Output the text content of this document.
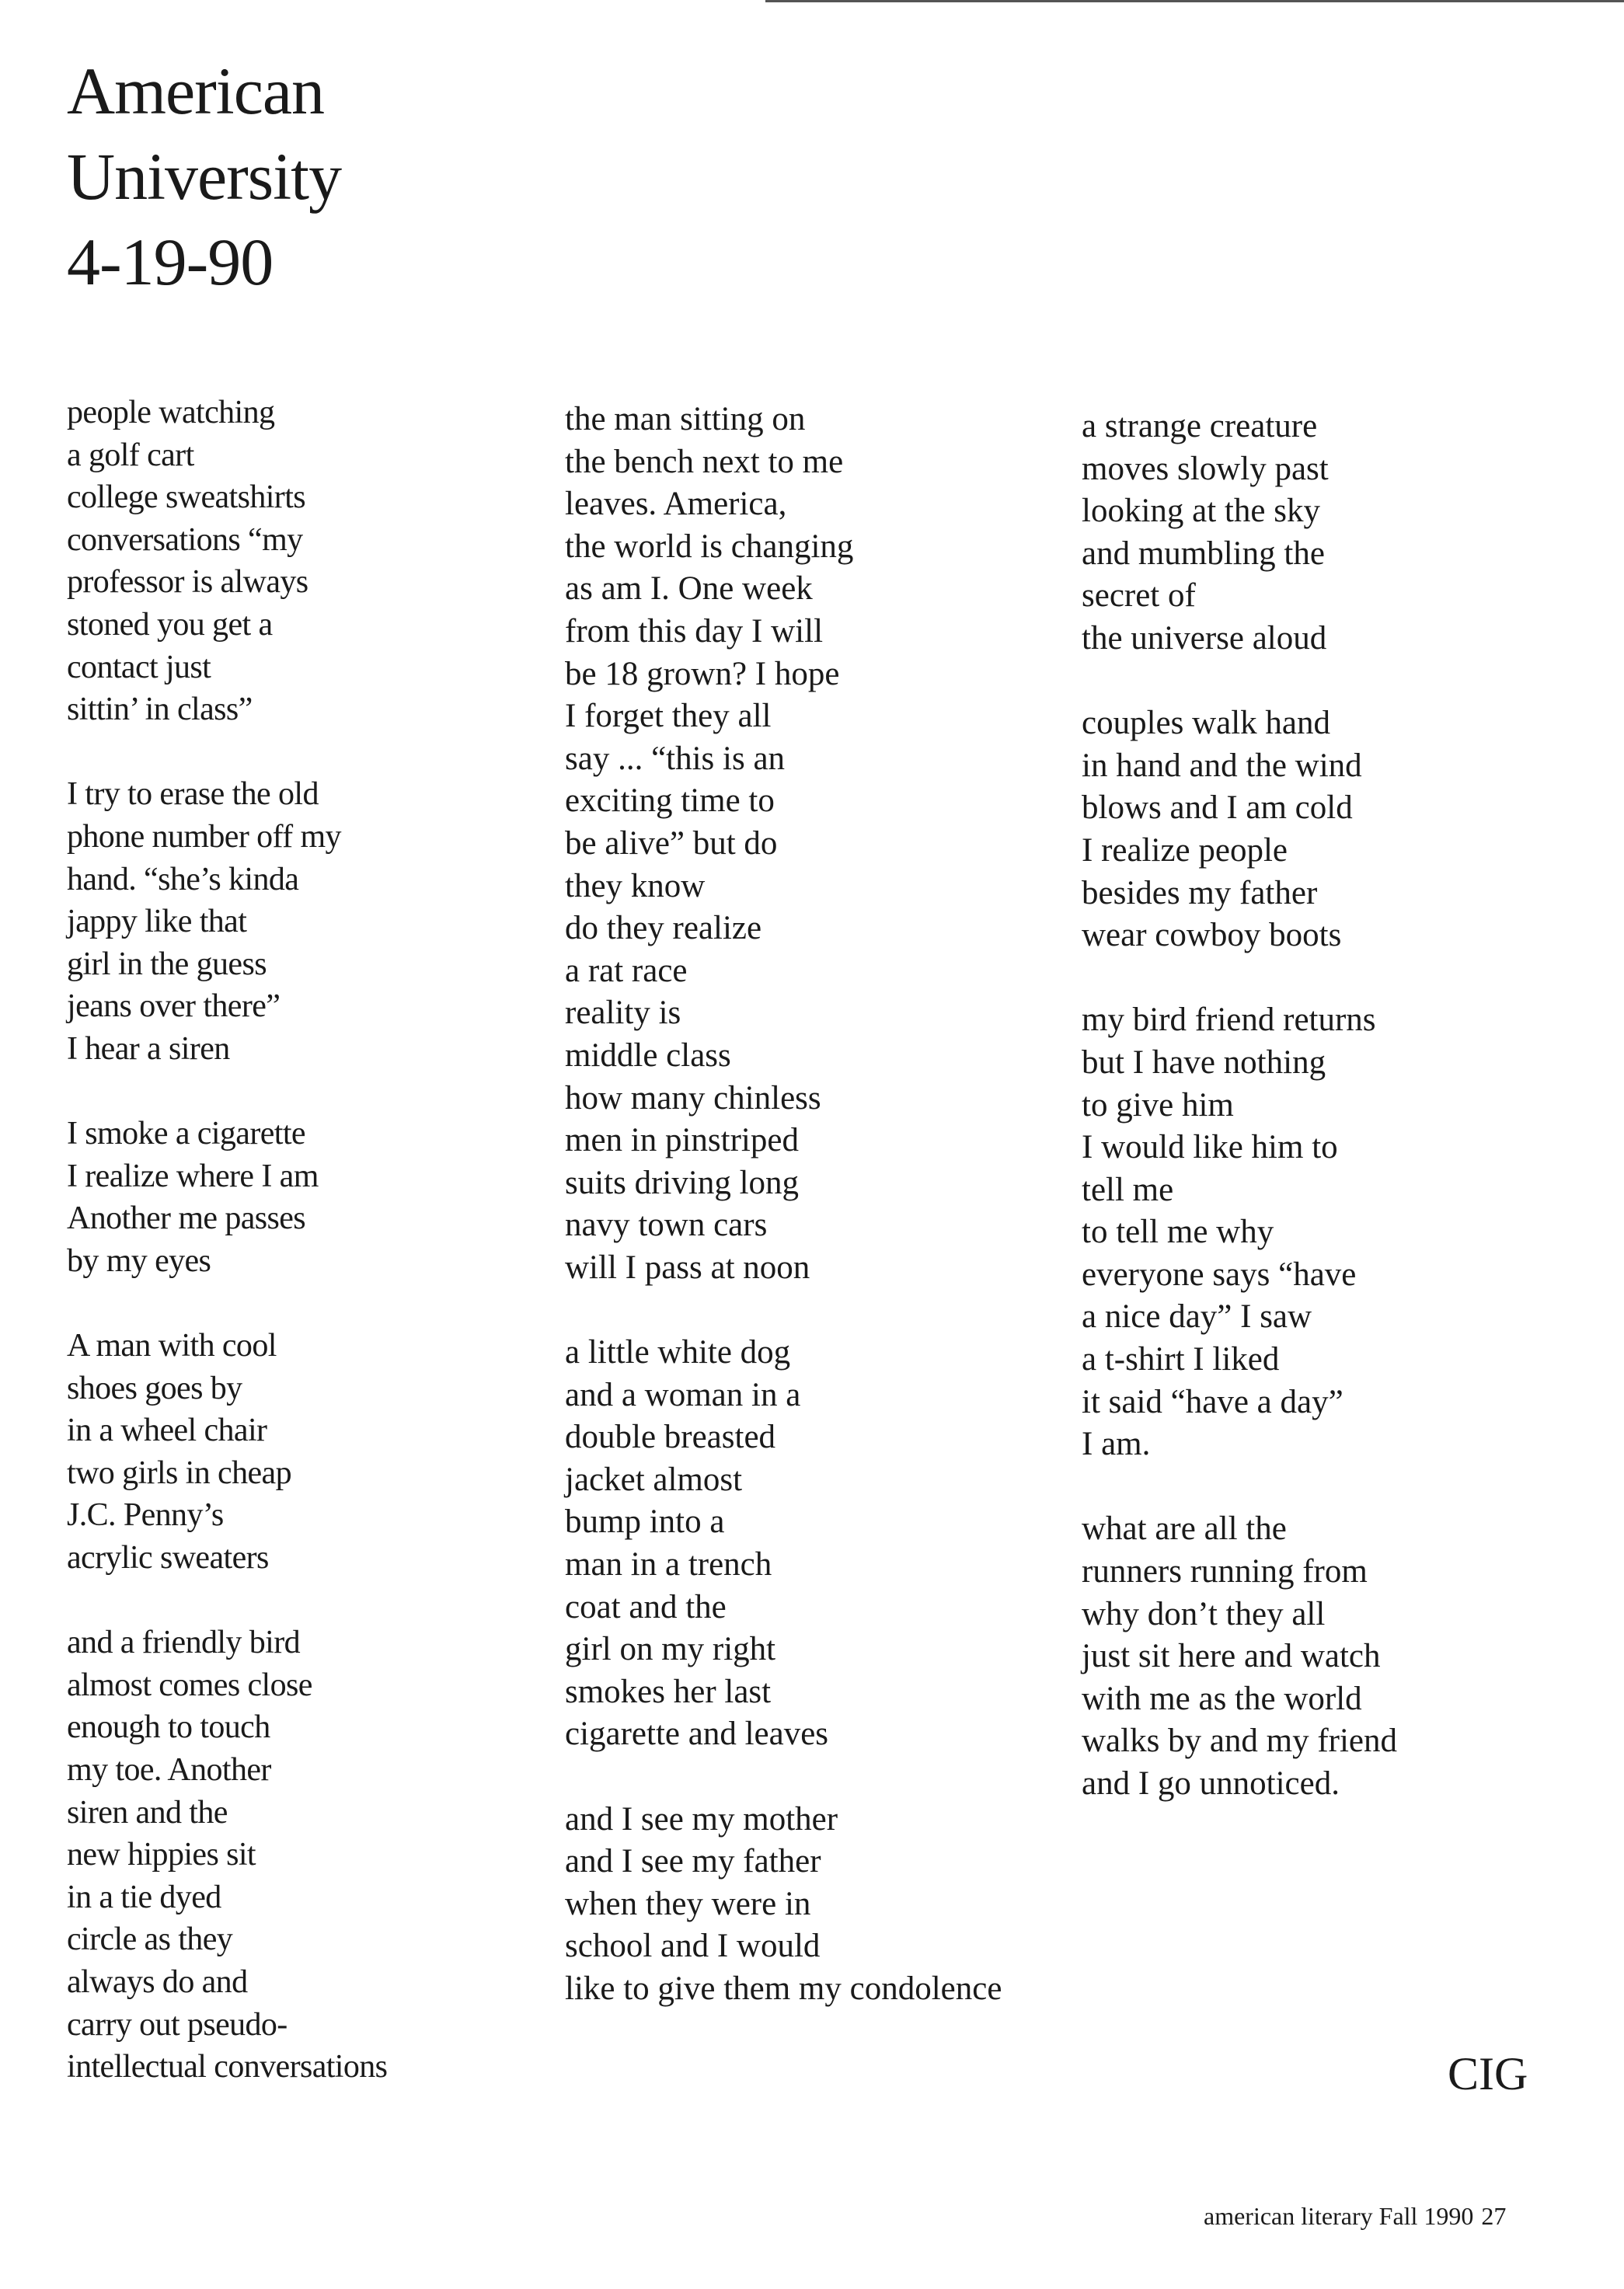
American
University
4-19-90
people watching
a golf cart
college sweatshirts
conversations “my
professor is always
stoned you get a
contact just
sittin’ in class”
I try to erase the old
phone number off my
hand. “she’s kinda
jappy like that
girl in the guess
jeans over there”
I hear a siren
I smoke a cigarette
I realize where I am
Another me passes
by my eyes
A man with cool
shoes goes by
in a wheel chair
two girls in cheap
J.C. Penny’s
acrylic sweaters
and a friendly bird
almost comes close
enough to touch
my toe. Another
siren and the
new hippies sit
in a tie dyed
circle as they
always do and
carry out pseudo-
intellectual conversations
the man sitting on
the bench next to me
leaves. America,
the world is changing
as am I. One week
from this day I will
be 18 grown? I hope
I forget they all
say ... “this is an
exciting time to
be alive” but do
they know
do they realize
a rat race
reality is
middle class
how many chinless
men in pinstriped
suits driving long
navy town cars
will I pass at noon
a little white dog
and a woman in a
double breasted
jacket almost
bump into a
man in a trench
coat and the
girl on my right
smokes her last
cigarette and leaves
and I see my mother
and I see my father
when they were in
school and I would
like to give them my condolence
a strange creature
moves slowly past
looking at the sky
and mumbling the
secret of
the universe aloud
couples walk hand
in hand and the wind
blows and I am cold
I realize people
besides my father
wear cowboy boots
my bird friend returns
but I have nothing
to give him
I would like him to
tell me
to tell me why
everyone says “have
a nice day” I saw
a t-shirt I liked
it said “have a day”
I am.
what are all the
runners running from
why don’t they all
just sit here and watch
with me as the world
walks by and my friend
and I go unnoticed.
CIG
american literary Fall 1990 27
